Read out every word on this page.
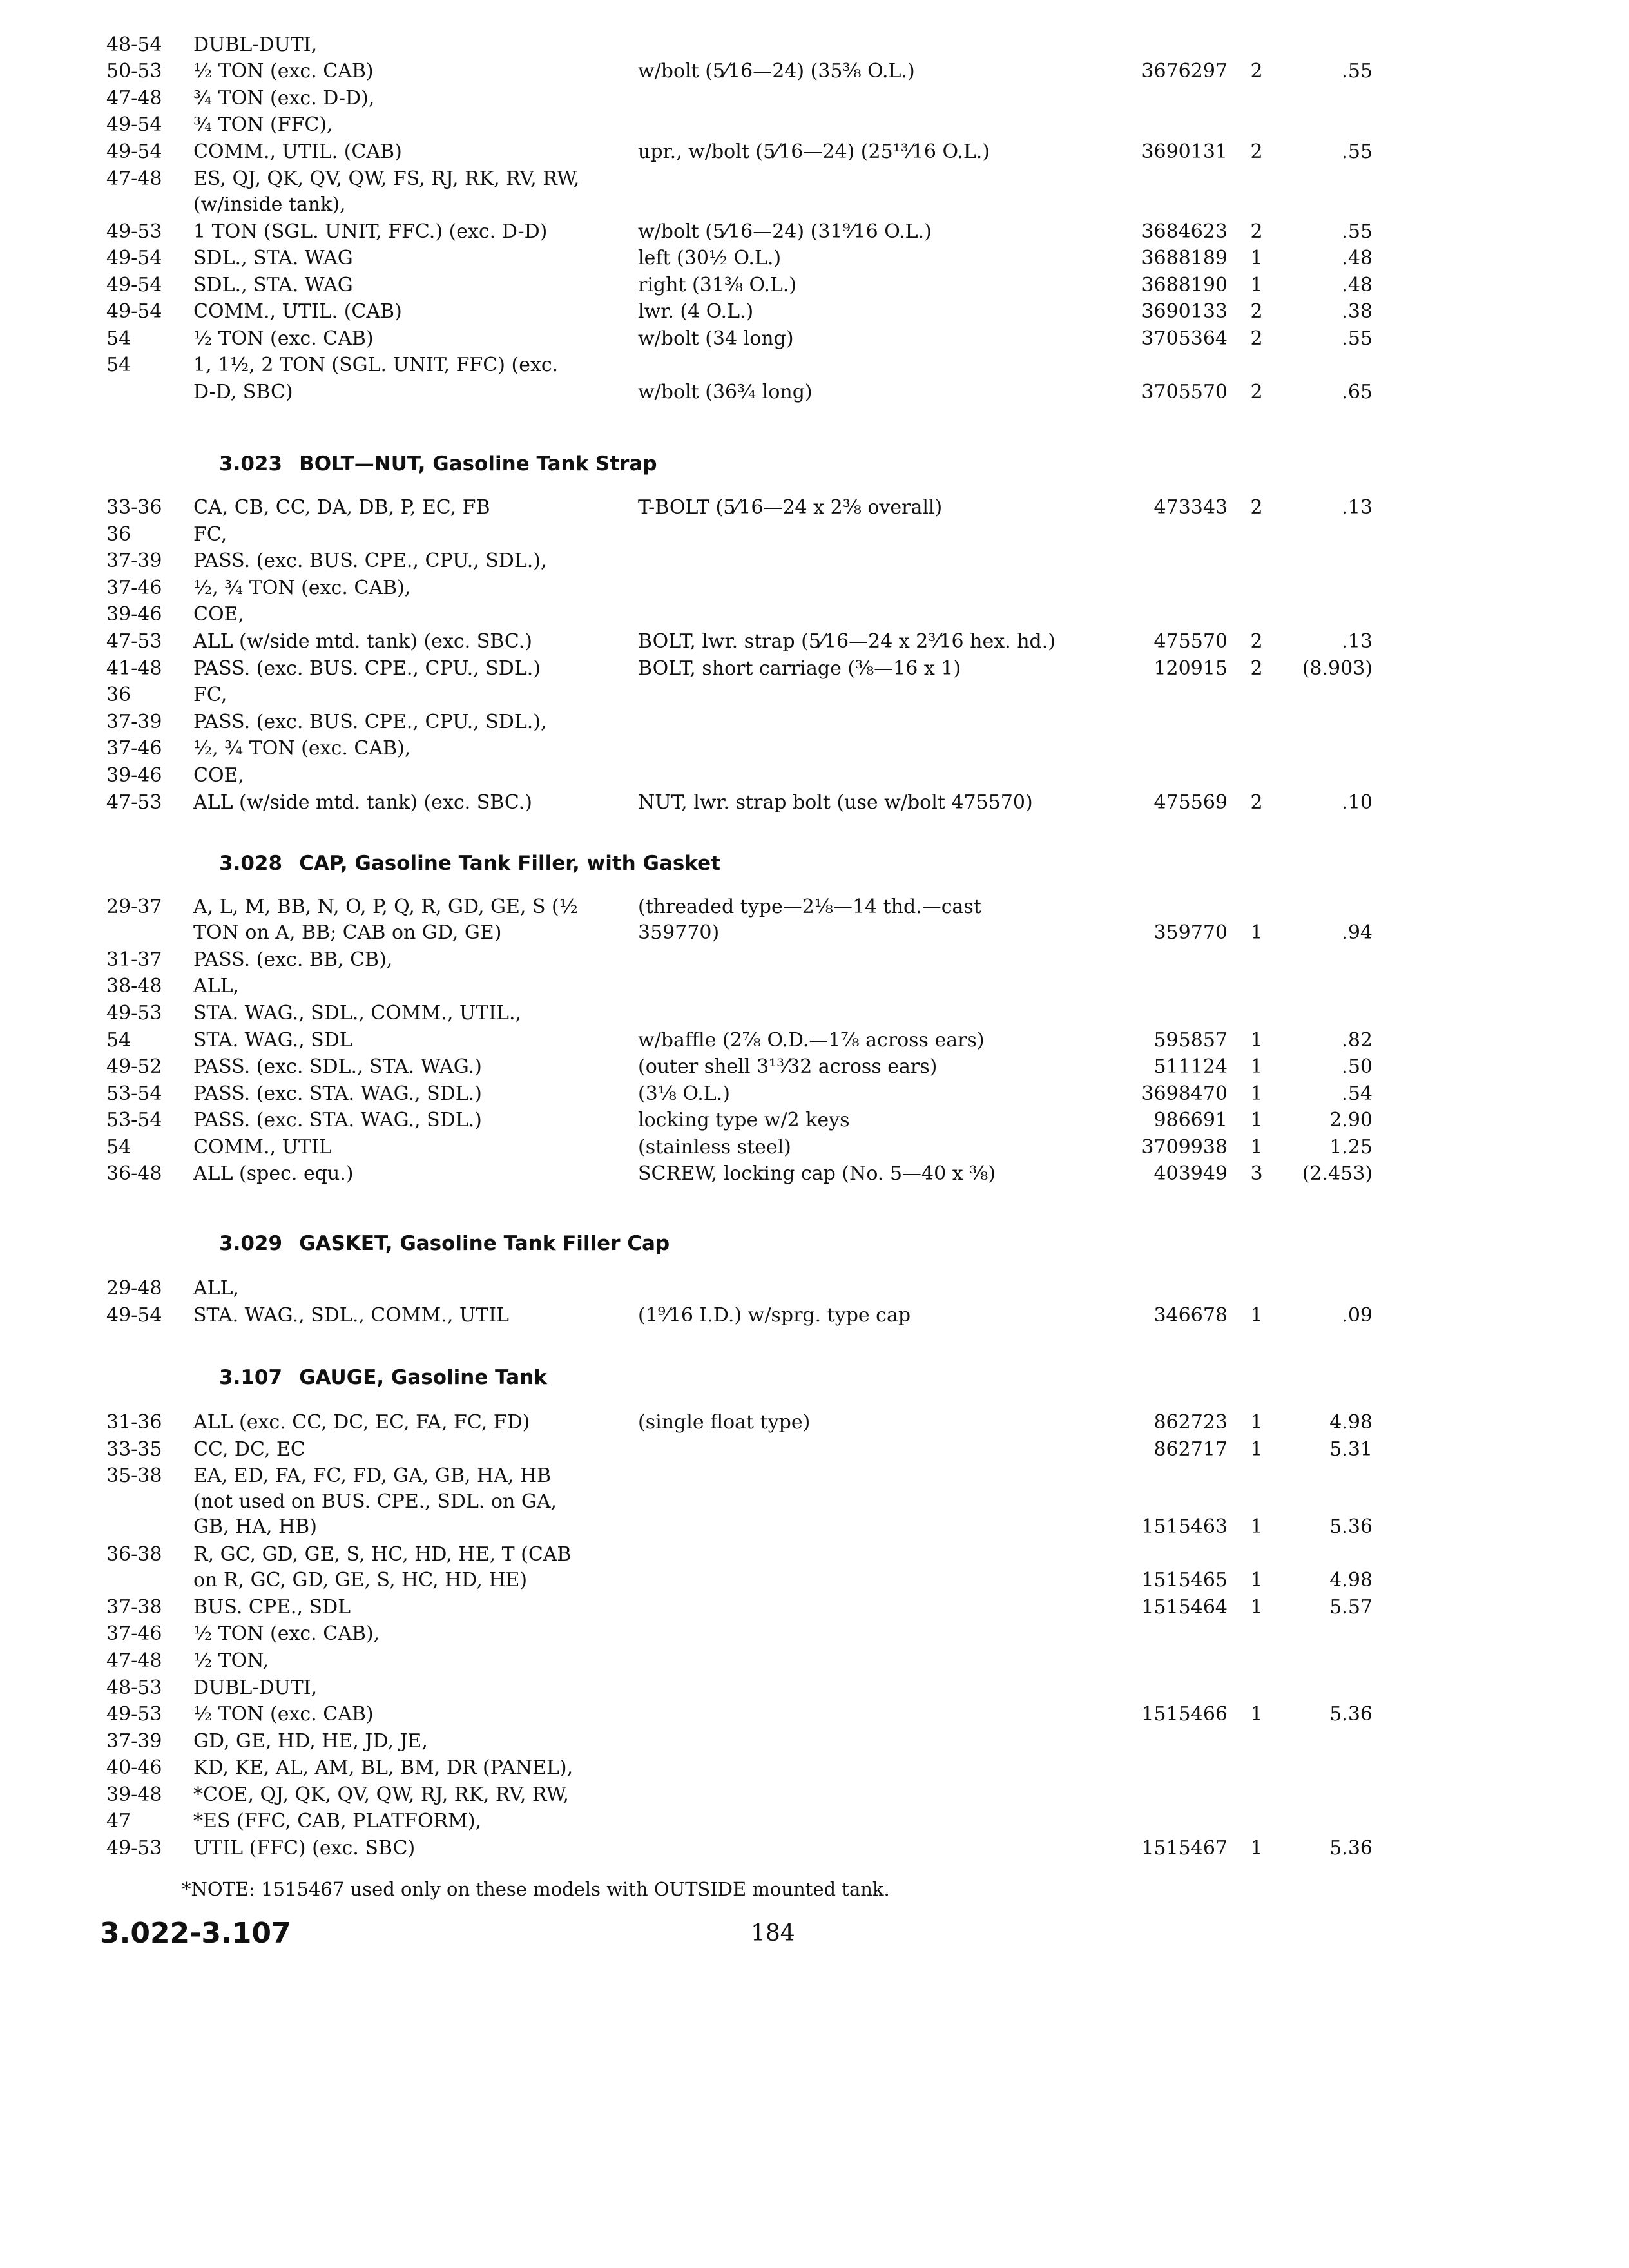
48-54 DUBL-DUTI,
50-53 ½ TON (exc. CAB)	w/bolt (5⁄16—24) (35⅜ O.L.)	3676297	2	.55
47-48 ¾ TON (exc. D-D),
49-54 ¾ TON (FFC),
49-54 COMM., UTIL. (CAB)	upr., w/bolt (5⁄16—24) (25¹³⁄16 O.L.)	3690131	2	.55
47-48 ES, QJ, QK, QV, QW, FS, RJ, RK, RV, RW,
(w/inside tank),
49-53 1 TON (SGL. UNIT, FFC.) (exc. D-D)	w/bolt (5⁄16—24) (31⁹⁄16 O.L.)	3684623	2	.55
49-54 SDL., STA. WAG	left (30½ O.L.)	3688189	1	.48
49-54 SDL., STA. WAG	right (31⅜ O.L.)	3688190	1	.48
49-54 COMM., UTIL. (CAB)	lwr. (4 O.L.)	3690133	2	.38
54	½ TON (exc. CAB)	w/bolt (34 long)	3705364	2	.55
54	1, 1½, 2 TON (SGL. UNIT, FFC) (exc.
D-D, SBC)	w/bolt (36¾ long)	3705570	2	.65
3.023 BOLT—NUT, Gasoline Tank Strap
33-36 CA, CB, CC, DA, DB, P, EC, FB	T-BOLT (5⁄16—24 x 2⅜ overall)	473343	2	.13
36	FC,
37-39 PASS. (exc. BUS. CPE., CPU., SDL.),
37-46 ½, ¾ TON (exc. CAB),
39-46 COE,
47-53 ALL (w/side mtd. tank) (exc. SBC.)	BOLT, lwr. strap (5⁄16—24 x 2³⁄16 hex. hd.)	475570	2	.13
41-48 PASS. (exc. BUS. CPE., CPU., SDL.)	BOLT, short carriage (⅜—16 x 1)	120915	2	(8.903)
36	FC,
37-39 PASS. (exc. BUS. CPE., CPU., SDL.),
37-46 ½, ¾ TON (exc. CAB),
39-46 COE,
47-53 ALL (w/side mtd. tank) (exc. SBC.)	NUT, lwr. strap bolt (use w/bolt 475570)	475569	2	.10
3.028 CAP, Gasoline Tank Filler, with Gasket
29-37 A, L, M, BB, N, O, P, Q, R, GD, GE, S (½	(threaded type—2⅛—14 thd.—cast
TON on A, BB; CAB on GD, GE)	359770)	359770	1	.94
31-37 PASS. (exc. BB, CB),
38-48 ALL,
49-53 STA. WAG., SDL., COMM., UTIL.,
54	STA. WAG., SDL	w/baffle (2⅞ O.D.—1⅞ across ears)	595857	1	.82
49-52 PASS. (exc. SDL., STA. WAG.)	(outer shell 3¹³⁄32 across ears)	511124	1	.50
53-54 PASS. (exc. STA. WAG., SDL.)	(3⅛ O.L.)	3698470	1	.54
53-54 PASS. (exc. STA. WAG., SDL.)	locking type w/2 keys	986691	1	2.90
54	COMM., UTIL	(stainless steel)	3709938	1	1.25
36-48 ALL (spec. equ.)	SCREW, locking cap (No. 5—40 x ⅜)	403949	3	(2.453)
3.029 GASKET, Gasoline Tank Filler Cap
29-48 ALL,
49-54 STA. WAG., SDL., COMM., UTIL	(1⁹⁄16 I.D.) w/sprg. type cap	346678	1	.09
3.107 GAUGE, Gasoline Tank
31-36 ALL (exc. CC, DC, EC, FA, FC, FD)	(single float type)	862723	1	4.98
33-35 CC, DC, EC	862717	1	5.31
35-38 EA, ED, FA, FC, FD, GA, GB, HA, HB
(not used on BUS. CPE., SDL. on GA,
GB, HA, HB)	1515463	1	5.36
36-38 R, GC, GD, GE, S, HC, HD, HE, T (CAB
on R, GC, GD, GE, S, HC, HD, HE)	1515465	1	4.98
37-38 BUS. CPE., SDL	1515464	1	5.57
37-46 ½ TON (exc. CAB),
47-48 ½ TON,
48-53 DUBL-DUTI,
49-53 ½ TON (exc. CAB)	1515466	1	5.36
37-39 GD, GE, HD, HE, JD, JE,
40-46 KD, KE, AL, AM, BL, BM, DR (PANEL),
39-48 *COE, QJ, QK, QV, QW, RJ, RK, RV, RW,
47	*ES (FFC, CAB, PLATFORM),
49-53 UTIL (FFC) (exc. SBC)	1515467	1	5.36
*NOTE: 1515467 used only on these models with OUTSIDE mounted tank.
3.022-3.107	184
